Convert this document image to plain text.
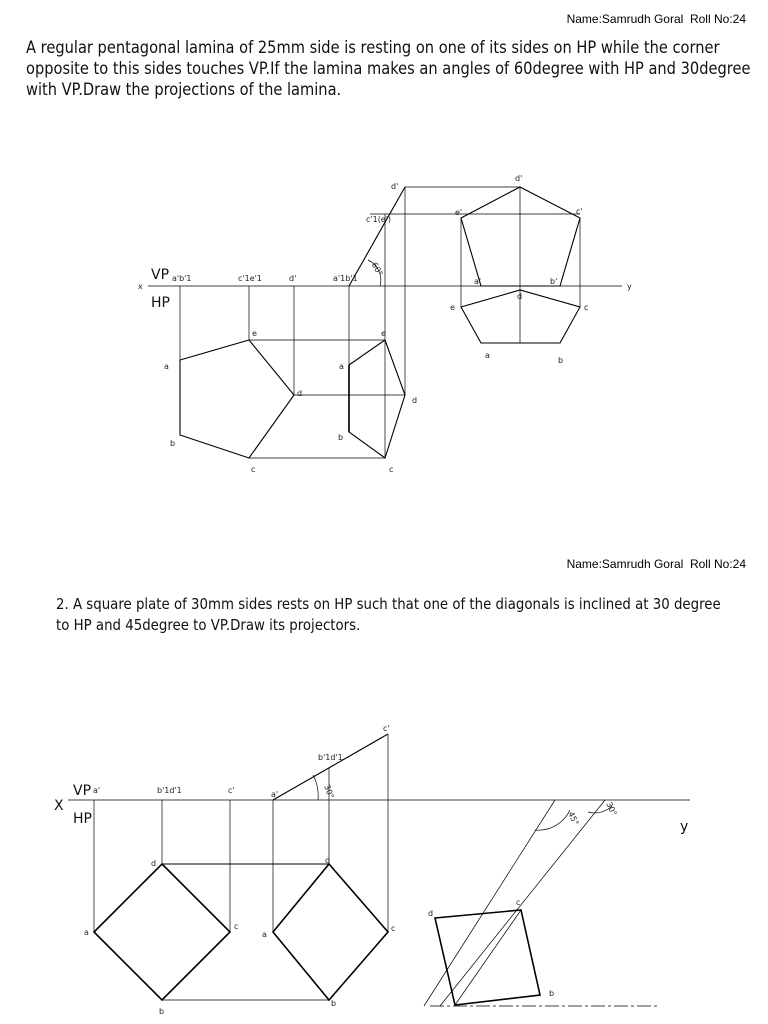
Name:Samrudh Goral  Roll No:24
A regular pentagonal lamina of 25mm side is resting on one of its sides on HP while the corner
opposite to this sides touches VP.If the lamina makes an angles of 60degree with HP and 30degree
with VP.Draw the projections of the lamina.
Name:Samrudh Goral  Roll No:24
2. A square plate of 30mm sides rests on HP such that one of the diagonals is inclined at 30 degree
to HP and 45degree to VP.Draw its projectors.
x	y
VP
HP
a'b'1	c'1e'1	d'	a'1b'1
a
e
d
b
c
d'
c'1(e')
60°
a
e
d
b
c
d'
e'	c'
a'	b'
d
e	c
a
b
X
y
VP
HP
a'	b'1d'1	c'	a'
d
a
c
b
b'1d'1
c'
30°
d
a
c
b
45°
30°
d
c
b
